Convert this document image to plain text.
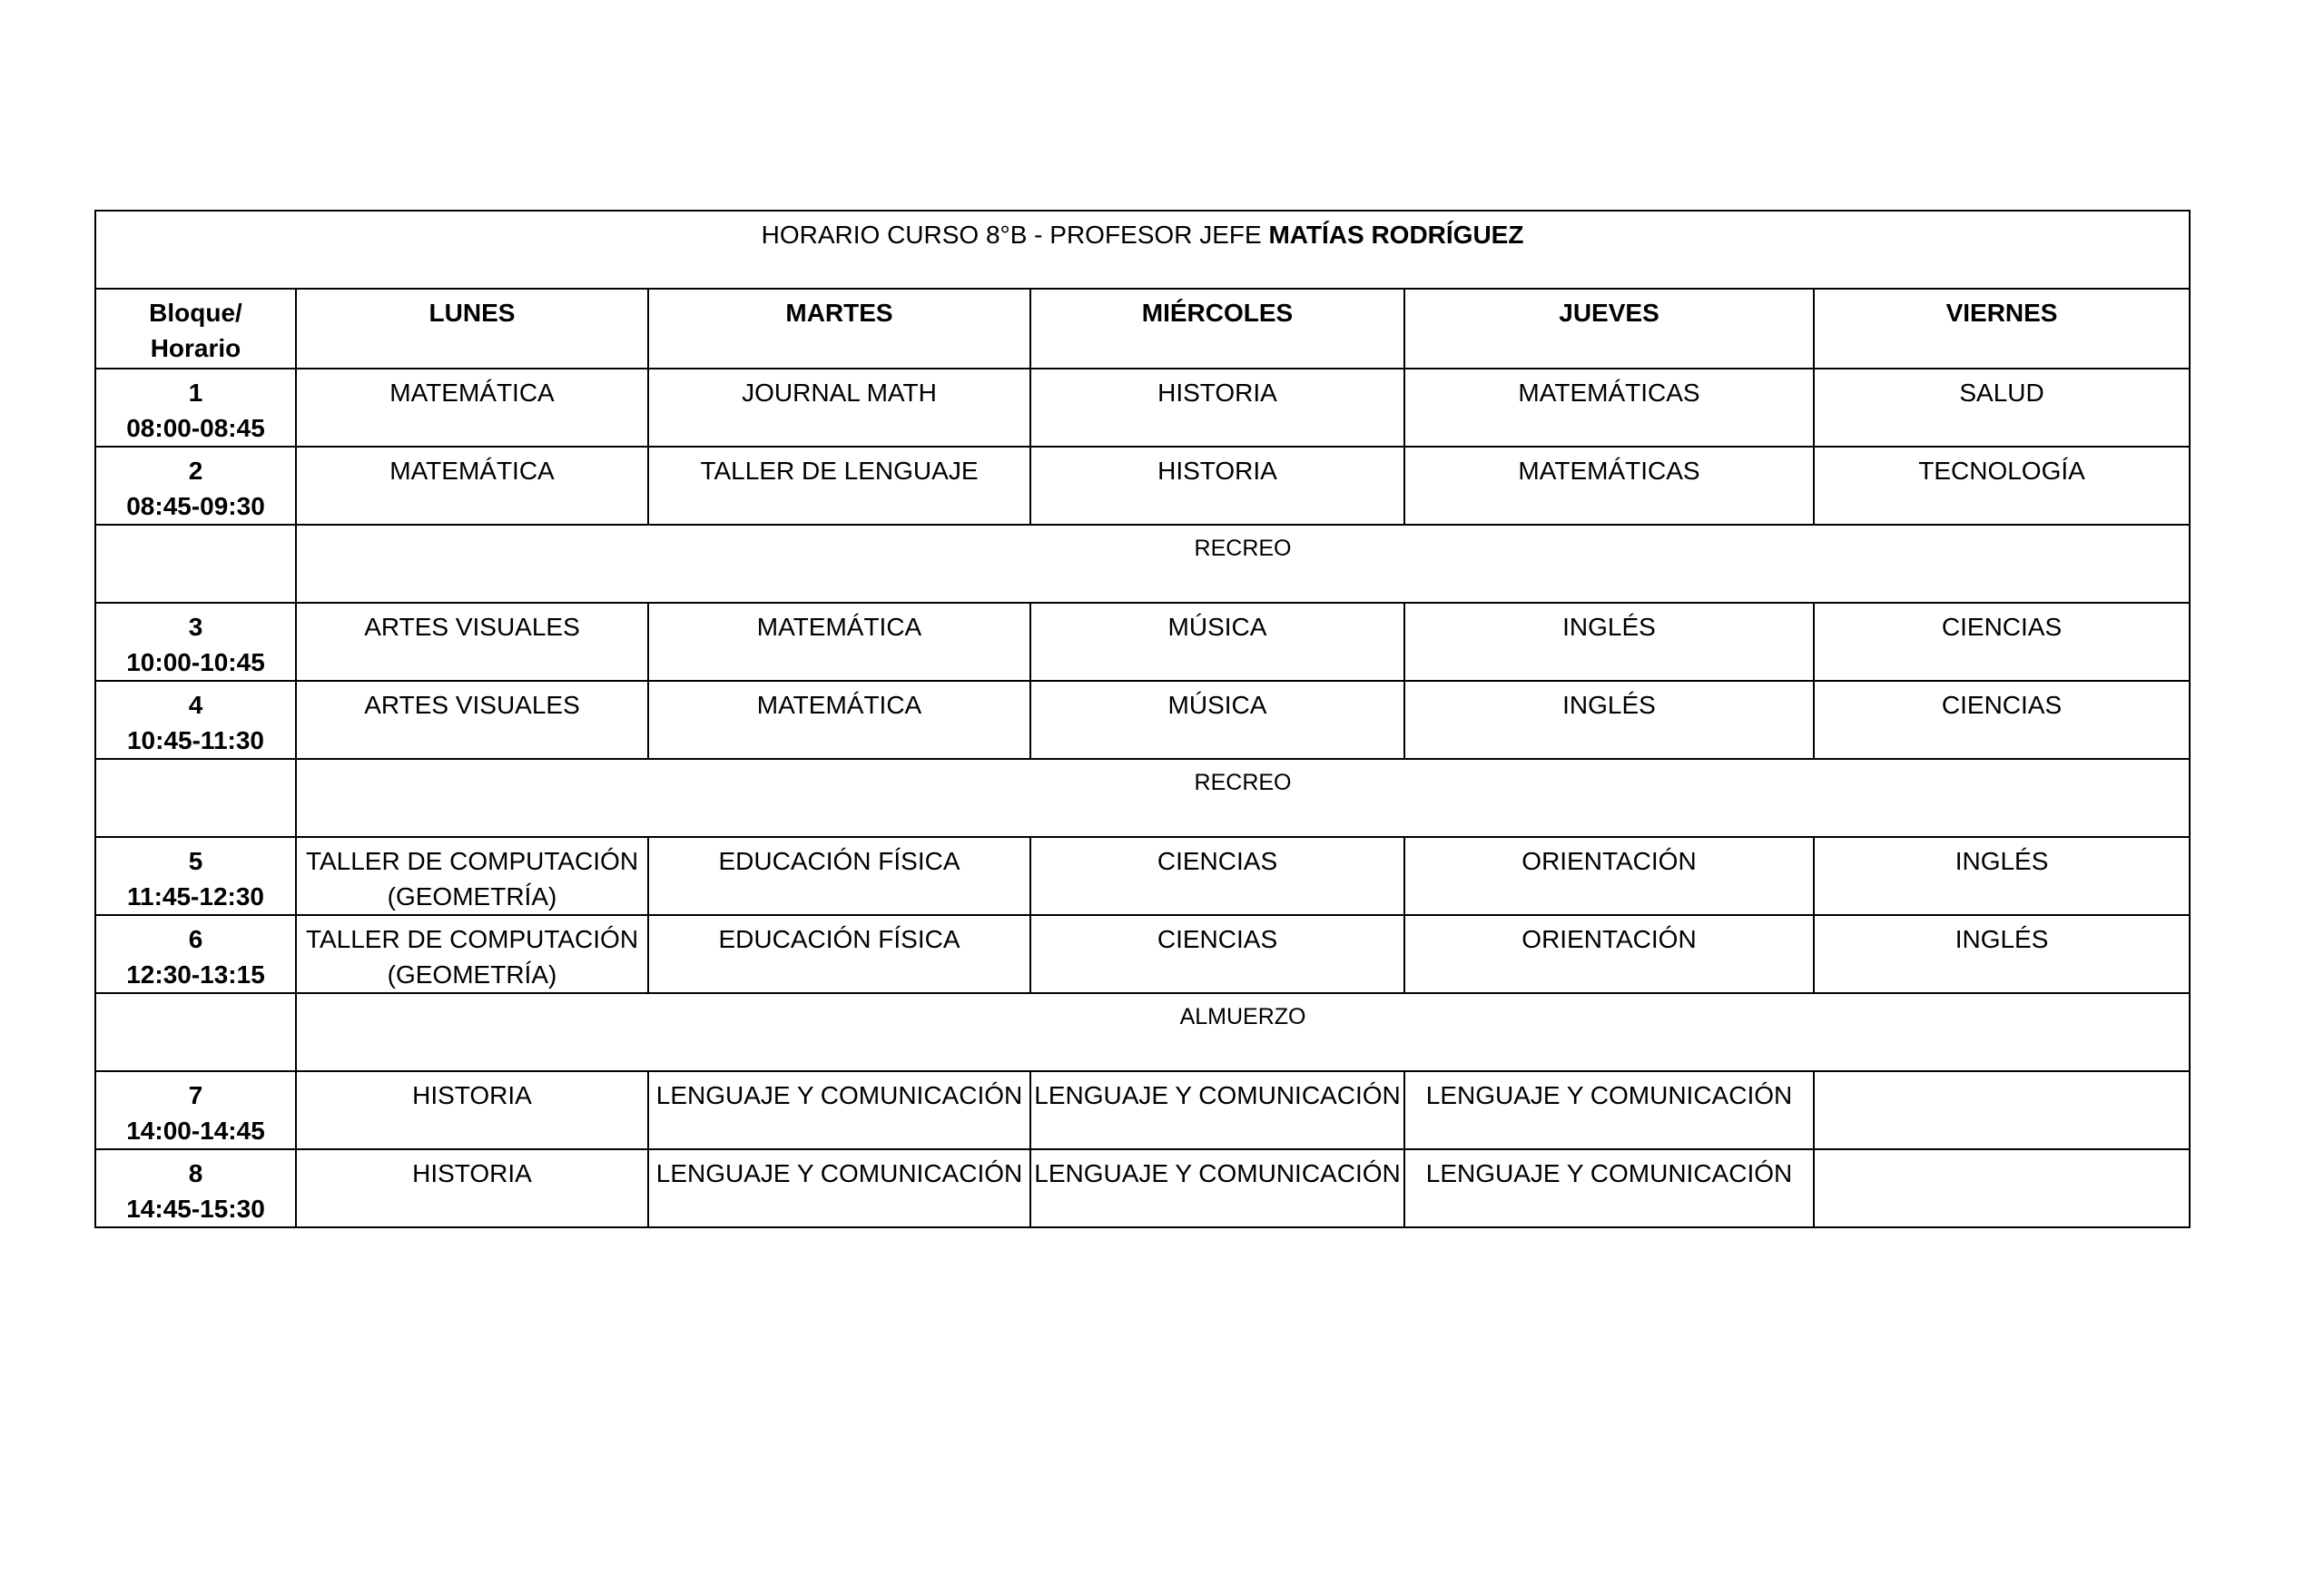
HORARIO CURSO 8°B - PROFESOR JEFE MATÍAS RODRÍGUEZ					

Bloque/
Horario	LUNES	MARTES	MIÉRCOLES	JUEVES	VIERNES

1
08:00-08:45	MATEMÁTICA	JOURNAL MATH	HISTORIA	MATEMÁTICAS	SALUD

2
08:45-09:30	MATEMÁTICA	TALLER DE LENGUAJE	HISTORIA	MATEMÁTICAS	TECNOLOGÍA

	RECREO				

3
10:00-10:45	ARTES VISUALES	MATEMÁTICA	MÚSICA	INGLÉS	CIENCIAS

4
10:45-11:30	ARTES VISUALES	MATEMÁTICA	MÚSICA	INGLÉS	CIENCIAS

	RECREO				

5
11:45-12:30	TALLER DE COMPUTACIÓN
(GEOMETRÍA)	EDUCACIÓN FÍSICA	CIENCIAS	ORIENTACIÓN	INGLÉS

6
12:30-13:15	TALLER DE COMPUTACIÓN
(GEOMETRÍA)	EDUCACIÓN FÍSICA	CIENCIAS	ORIENTACIÓN	INGLÉS

	ALMUERZO				

7
14:00-14:45	HISTORIA	LENGUAJE Y COMUNICACIÓN	LENGUAJE Y COMUNICACIÓN	LENGUAJE Y COMUNICACIÓN	

8
14:45-15:30	HISTORIA	LENGUAJE Y COMUNICACIÓN	LENGUAJE Y COMUNICACIÓN	LENGUAJE Y COMUNICACIÓN	
